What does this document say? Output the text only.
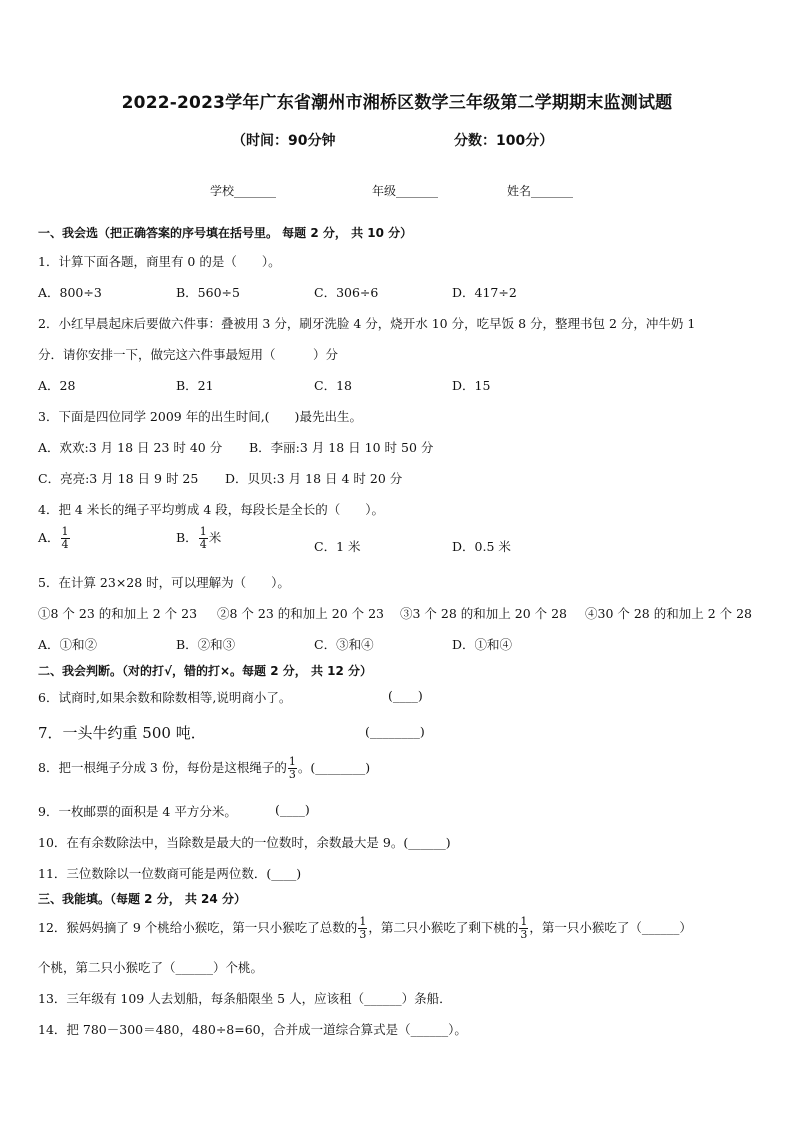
2022-2023学年广东省潮州市湘桥区数学三年级第二学期期末监测试题
（时间：90分钟	分数：100分）
学校_______	年级_______	姓名_______
一、我会选（把正确答案的序号填在括号里。 每题 2 分， 共 10 分）
1．计算下面各题，商里有 0 的是（　　）。
A．800÷3	B．560÷5	C．306÷6	D．417÷2
2．小红早晨起床后要做六件事：叠被用 3 分，刷牙洗脸 4 分，烧开水 10 分，吃早饭 8 分，整理书包 2 分，冲牛奶 1
分．请你安排一下，做完这六件事最短用（　　　）分
A．28	B．21	C．18	D．15
3．下面是四位同学 2009 年的出生时间,(　　)最先出生。
A．欢欢:3 月 18 日 23 时 40 分 B．李丽:3 月 18 日 10 时 50 分
C．亮亮:3 月 18 日 9 时 25 D．贝贝:3 月 18 日 4 时 20 分
4．把 4 米长的绳子平均剪成 4 段，每段长是全长的（　　）。
A． $\frac{1}{4}$	B． $\frac{1}{4}$ 米
C．1 米	D．0.5 米
5．在计算 23×28 时，可以理解为（　　）。
①8 个 23 的和加上 2 个 23 ②8 个 23 的和加上 20 个 23 ③3 个 28 的和加上 20 个 28 ④30 个 28 的和加上 2 个 28
A．①和②	B．②和③	C．③和④	D．①和④
二、我会判断。（对的打√，错的打×。每题 2 分， 共 12 分）
6．试商时,如果余数和除数相等,说明商小了。	(____)
7．一头牛约重 500 吨．	(________)
8．把一根绳子分成 3 份，每份是这根绳子的 $\frac{1}{3}$ 。(________)
9．一枚邮票的面积是 4 平方分米。	(____)
10．在有余数除法中，当除数是最大的一位数时，余数最大是 9。(______)
11．三位数除以一位数商可能是两位数．(____)
三、我能填。（每题 2 分， 共 24 分）
12．猴妈妈摘了 9 个桃给小猴吃，第一只小猴吃了总数的 $\frac{1}{3}$ ，第二只小猴吃了剩下桃的 $\frac{1}{3}$ ，第一只小猴吃了（______）
个桃，第二只小猴吃了（______）个桃。
13．三年级有 109 人去划船，每条船限坐 5 人，应该租（______）条船．
14．把 780－300＝480，480÷8=60，合并成一道综合算式是（______）。
